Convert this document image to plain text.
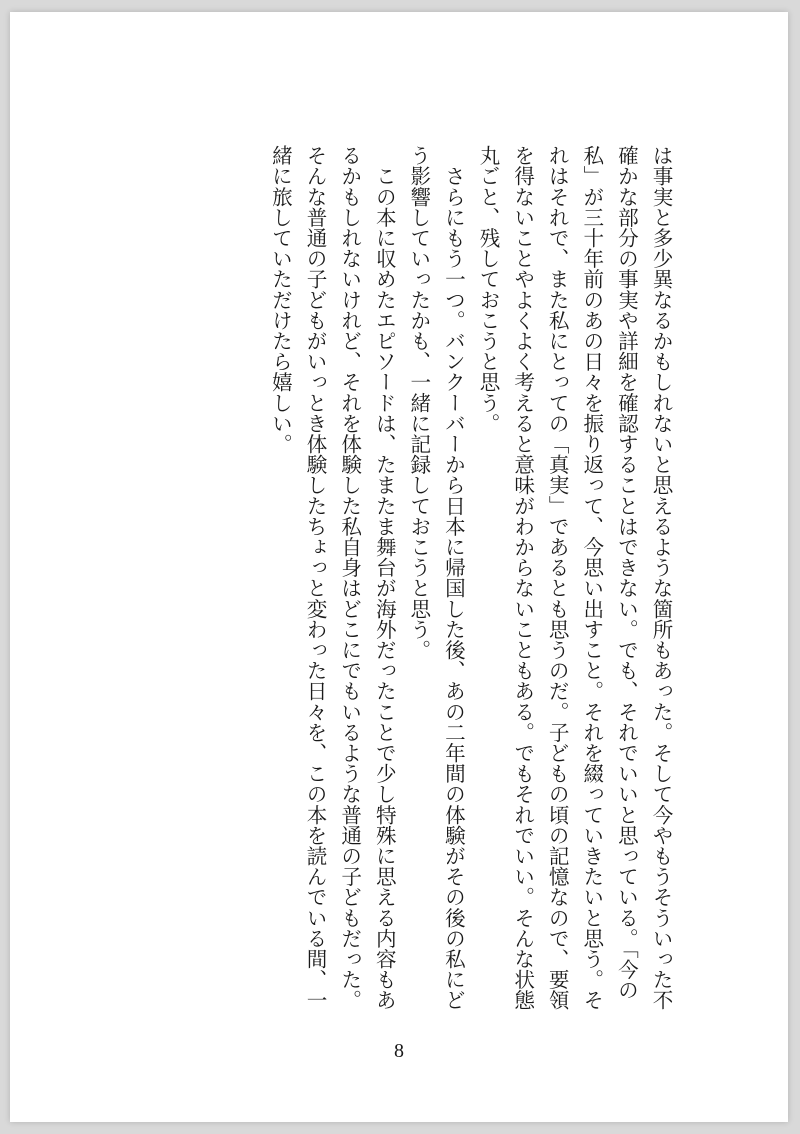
は事実と多少異なるかもしれないと思えるような箇所もあった。そして今やもうそういった不確かな部分の事実や詳細を確認することはできない。でも、それでいいと思っている。「今の私」が三十年前のあの日々を振り返って、今思い出すこと。それを綴っていきたいと思う。それはそれで、また私にとっての「真実」であるとも思うのだ。子どもの頃の記憶なので、要領を得ないことやよくよく考えると意味がわからないこともある。でもそれでいい。そんな状態丸ごと、残しておこうと思う。

　さらにもう一つ。バンクーバーから日本に帰国した後、あの二年間の体験がその後の私にどう影響していったかも、一緒に記録しておこうと思う。

　この本に収めたエピソードは、たまたま舞台が海外だったことで少し特殊に思える内容もあるかもしれないけれど、それを体験した私自身はどこにでもいるような普通の子どもだった。そんな普通の子どもがいっとき体験したちょっと変わった日々を、この本を読んでいる間、一緒に旅していただけたら嬉しい。

8
